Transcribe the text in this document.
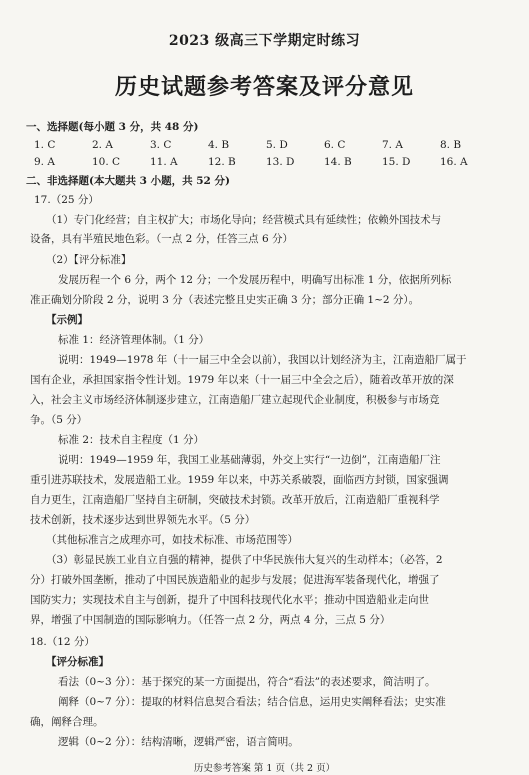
2023 级高三下学期定时练习
历史试题参考答案及评分意见
一、选择题(每小题 3 分，共 48 分)
1. C	2. A	3. C	4. B	5. D	6. C	7. A	8. B
9. A	10. C	11. A	12. B	13. D	14. B	15. D	16. A
二、非选择题(本大题共 3 小题，共 52 分)
17.（25 分）
（1）专门化经营；自主权扩大；市场化导向；经营模式具有延续性；依赖外国技术与
设备，具有半殖民地色彩。（一点 2 分，任答三点 6 分）
（2）【评分标准】
发展历程一个 6 分，两个 12 分；一个发展历程中，明确写出标准 1 分，依据所列标
准正确划分阶段 2 分，说明 3 分（表述完整且史实正确 3 分；部分正确 1~2 分）。
【示例】
标准 1：经济管理体制。（1 分）
说明：1949—1978 年（十一届三中全会以前），我国以计划经济为主，江南造船厂属于
国有企业，承担国家指令性计划。1979 年以来（十一届三中全会之后），随着改革开放的深
入，社会主义市场经济体制逐步建立，江南造船厂建立起现代企业制度，积极参与市场竞
争。（5 分）
标准 2：技术自主程度（1 分）
说明：1949—1959 年，我国工业基础薄弱，外交上实行“一边倒”，江南造船厂注
重引进苏联技术，发展造船工业。1959 年以来，中苏关系破裂，面临西方封锁，国家强调
自力更生，江南造船厂坚持自主研制，突破技术封锁。改革开放后，江南造船厂重视科学
技术创新，技术逐步达到世界领先水平。（5 分）
（其他标准言之成理亦可，如技术标准、市场范围等）
（3）彰显民族工业自立自强的精神，提供了中华民族伟大复兴的生动样本；（必答，2
分）打破外国垄断，推动了中国民族造船业的起步与发展；促进海军装备现代化，增强了
国防实力；实现技术自主与创新，提升了中国科技现代化水平；推动中国造船业走向世
界，增强了中国制造的国际影响力。（任答一点 2 分，两点 4 分，三点 5 分）
18.（12 分）
【评分标准】
看法（0~3 分）：基于探究的某一方面提出，符合“看法”的表述要求，简洁明了。
阐释（0~7 分）：提取的材料信息契合看法；结合信息，运用史实阐释看法；史实准
确，阐释合理。
逻辑（0~2 分）：结构清晰，逻辑严密，语言简明。
历史参考答案 第 1 页（共 2 页）
